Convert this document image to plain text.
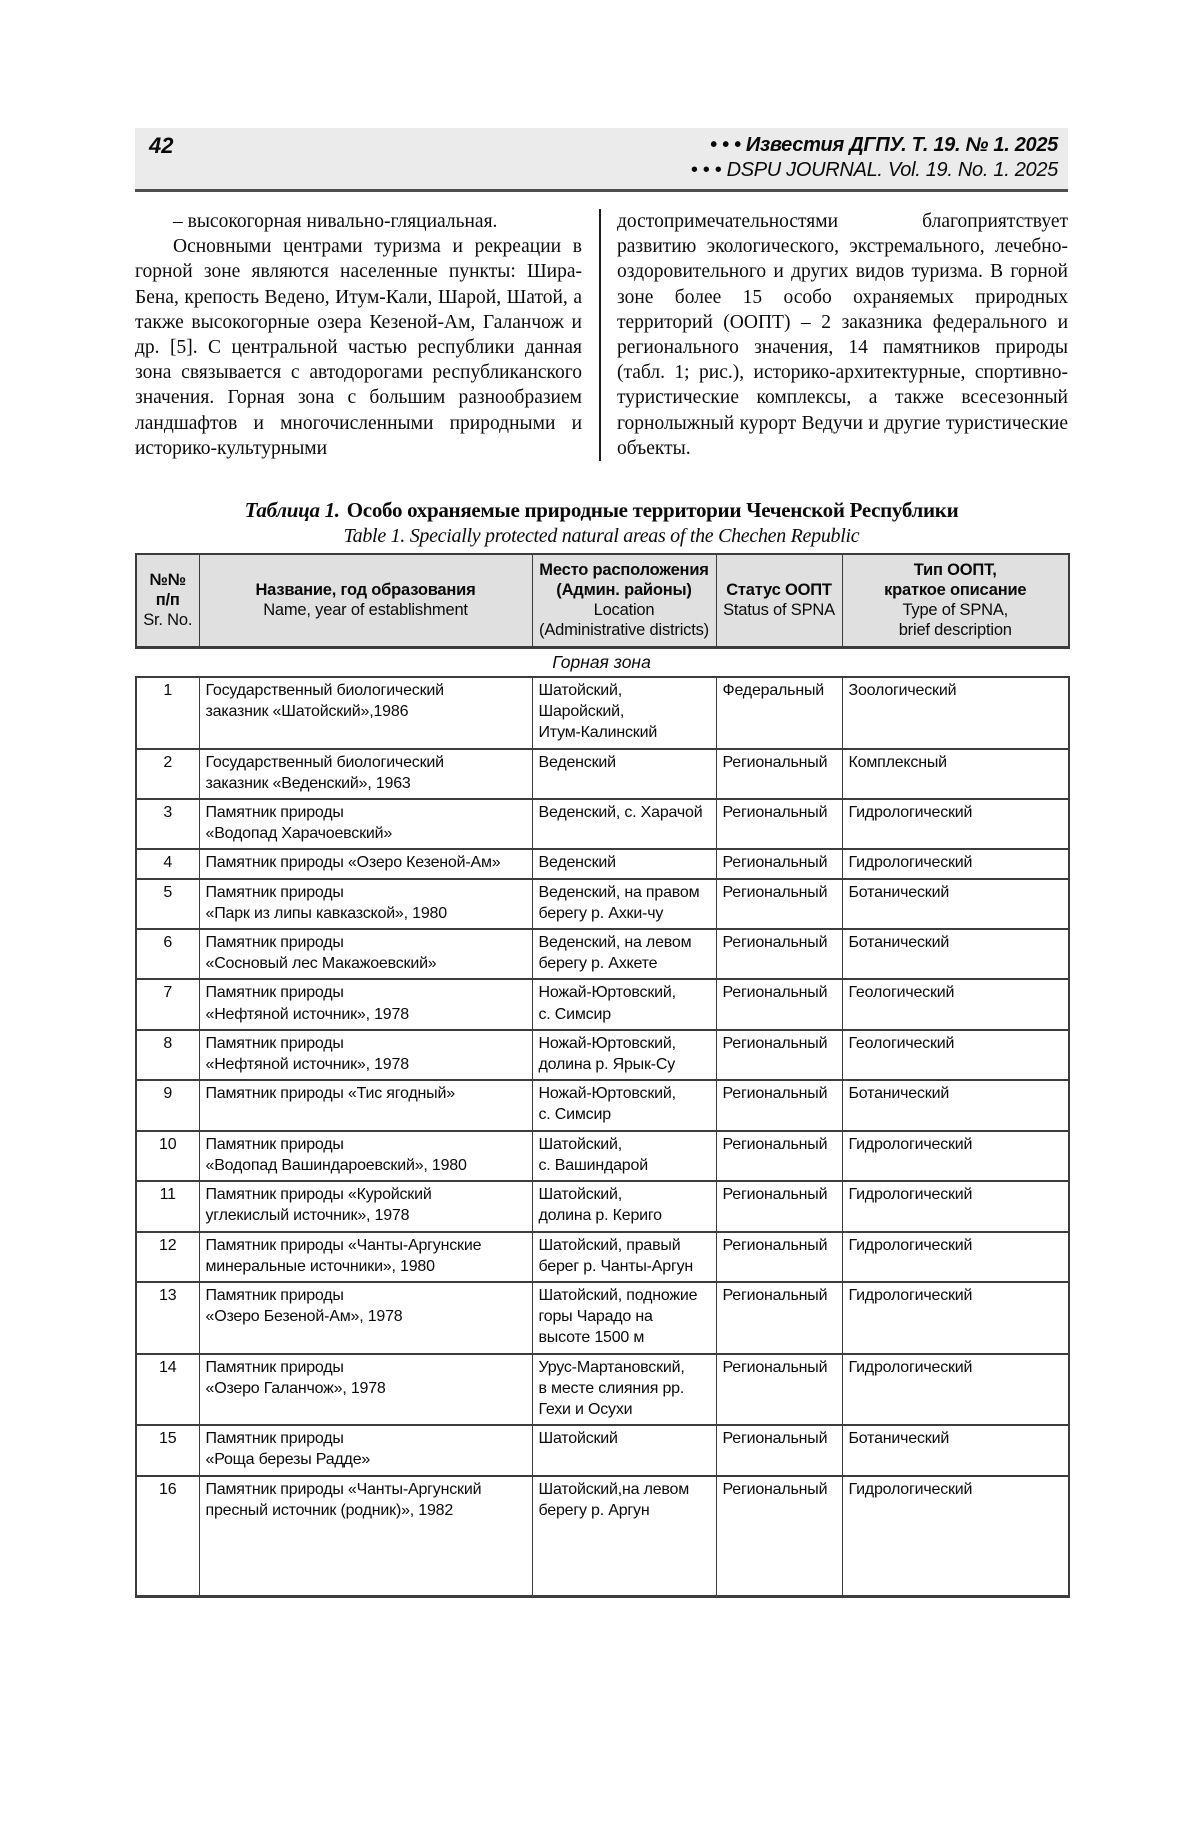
42	• • • Известия ДГПУ. Т. 19. № 1. 2025
• • • DSPU JOURNAL. Vol. 19. No. 1. 2025

– высокогорная нивально-гляциальная.

Основными центрами туризма и рекреации в горной зоне являются населенные пункты: Шира-Бена, крепость Ведено, Итум-Кали, Шарой, Шатой, а также высокогорные озера Кезеной-Ам, Галанчож и др. [5]. С центральной частью республики данная зона связывается с автодорогами республиканского значения. Горная зона с большим разнообразием ландшафтов и многочисленными природными и историко-культурными

достопримечательностями благоприятствует развитию экологического, экстремального, лечебно-оздоровительного и других видов туризма. В горной зоне более 15 особо охраняемых природных территорий (ООПТ) – 2 заказника федерального и регионального значения, 14 памятников природы (табл. 1; рис.), историко-архитектурные, спортивно-туристические комплексы, а также всесезонный горнолыжный курорт Ведучи и другие туристические объекты.

Таблица 1. Особо охраняемые природные территории Чеченской Республики
Table 1. Specially protected natural areas of the Chechen Republic
№№
п/п
Sr. No.

Название, год образования
Name, year of establishment

Место расположения
(Админ. районы)
Location
(Administrative districts)

Статус ООПТ
Status of SPNA

Тип ООПТ,
краткое описание
Type of SPNA,
brief description
Горная зона
1	Государственный биологический
заказник «Шатойский»,1986	Шатойский,
Шаройский,
Итум-Калинский	Федеральный	Зоологический
2	Государственный биологический
заказник «Веденский», 1963	Веденский	Региональный	Комплексный
3	Памятник природы
«Водопад Харачоевский»	Веденский, с. Харачой	Региональный	Гидрологический
4	Памятник природы «Озеро Кезеной-Ам»	Веденский	Региональный	Гидрологический
5	Памятник природы
«Парк из липы кавказской», 1980	Веденский, на правом
берегу р. Ахки-чу	Региональный	Ботанический
6	Памятник природы
«Сосновый лес Макажоевский»	Веденский, на левом
берегу р. Ахкете	Региональный	Ботанический
7	Памятник природы
«Нефтяной источник», 1978	Ножай-Юртовский,
с. Симсир	Региональный	Геологический
8	Памятник природы
«Нефтяной источник», 1978	Ножай-Юртовский,
долина р. Ярык-Су	Региональный	Геологический
9	Памятник природы «Тис ягодный»	Ножай-Юртовский,
с. Симсир	Региональный	Ботанический
10	Памятник природы
«Водопад Вашиндароевский», 1980	Шатойский,
с. Вашиндарой	Региональный	Гидрологический
11	Памятник природы «Куройский
углекислый источник», 1978	Шатойский,
долина р. Кериго	Региональный	Гидрологический
12	Памятник природы «Чанты-Аргунские
минеральные источники», 1980	Шатойский, правый
берег р. Чанты-Аргун	Региональный	Гидрологический
13	Памятник природы
«Озеро Безеной-Ам», 1978	Шатойский, подножие
горы Чарадо на
высоте 1500 м	Региональный	Гидрологический
14	Памятник природы
«Озеро Галанчож», 1978	Урус-Мартановский,
в месте слияния рр.
Гехи и Осухи	Региональный	Гидрологический
15	Памятник природы
«Роща березы Радде»	Шатойский	Региональный	Ботанический
16	Памятник природы «Чанты-Аргунский
пресный источник (родник)», 1982	Шатойский,на левом
берегу р. Аргун	Региональный	Гидрологический
